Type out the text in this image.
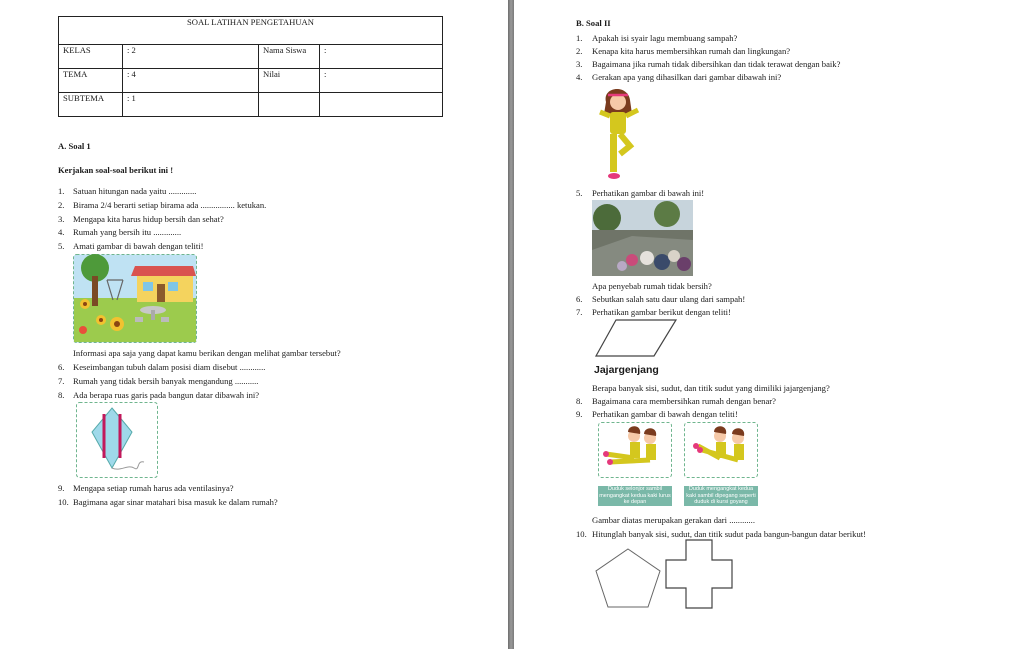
SOAL LATIHAN PENGETAHUAN			
KELAS	: 2	Nama Siswa	:
TEMA	: 4	Nilai	:
SUBTEMA	: 1		
A. Soal 1
Kerjakan soal-soal berikut ini !
1. Satuan hitungan nada yaitu .............
2. Birama 2/4 berarti setiap birama ada ................ ketukan.
3. Mengapa kita harus hidup bersih dan sehat?
4. Rumah yang bersih itu .............
5. Amati gambar di bawah dengan teliti!
Informasi apa saja yang dapat kamu berikan dengan melihat gambar tersebut?
6. Keseimbangan tubuh dalam posisi diam disebut ............
7. Rumah yang tidak bersih banyak mengandung ...........
8. Ada berapa ruas garis pada bangun datar dibawah ini?
9. Mengapa setiap rumah harus ada ventilasinya?
10. Bagimana agar sinar matahari bisa masuk ke dalam rumah?
B. Soal II
1. Apakah isi syair lagu membuang sampah?
2. Kenapa kita harus membersihkan rumah dan lingkungan?
3. Bagaimana jika rumah tidak dibersihkan dan tidak terawat dengan baik?
4. Gerakan apa yang dihasilkan dari gambar dibawah ini?
5. Perhatikan gambar di bawah ini!
Apa penyebab rumah tidak bersih?
6. Sebutkan salah satu daur ulang dari sampah!
7. Perhatikan gambar berikut dengan teliti!
Jajargenjang
Berapa banyak sisi, sudut, dan titik sudut yang dimiliki jajargenjang?
8. Bagaimana cara membersihkan rumah dengan benar?
9. Perhatikan gambar di bawah dengan teliti!
Duduk selonjor sambil mengangkat kedua kaki lurus ke depan
Duduk mengangkat kedua kaki sambil dipegang seperti duduk di kursi goyang
Gambar diatas merupakan gerakan dari ............
10. Hitunglah banyak sisi, sudut, dan titik sudut pada bangun-bangun datar berikut!
